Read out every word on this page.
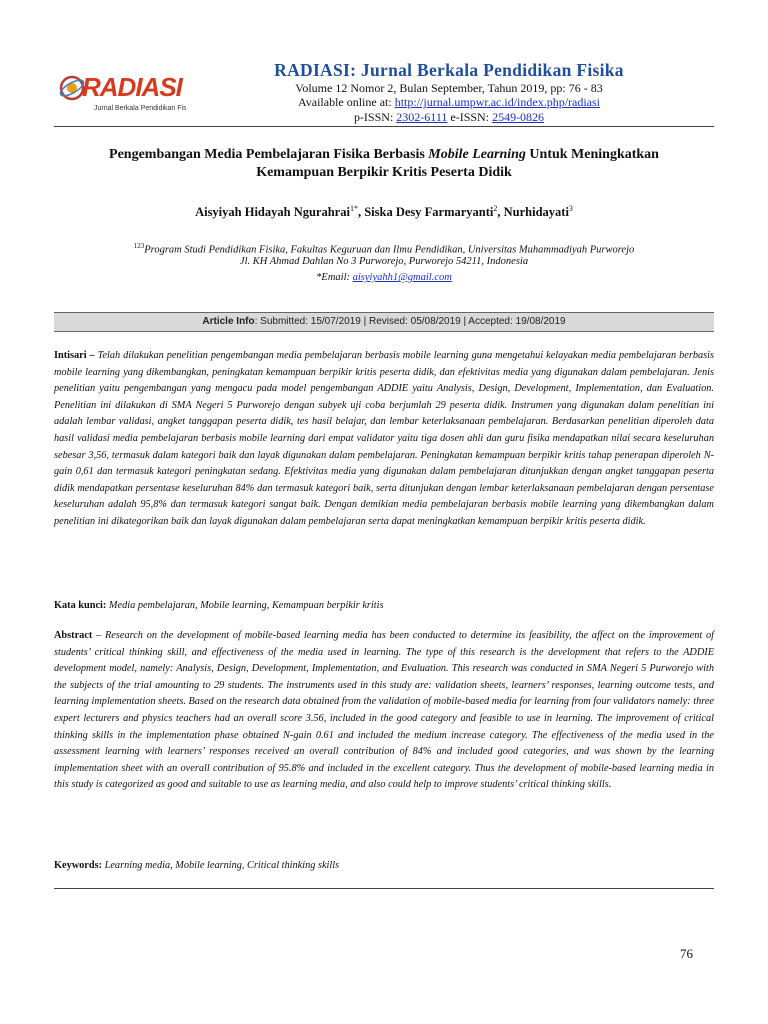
RADIASI
Jurnal Berkala Pendidikan Fisika
RADIASI: Jurnal Berkala Pendidikan Fisika
Volume 12 Nomor 2, Bulan September, Tahun 2019, pp: 76 - 83
Available online at: http://jurnal.umpwr.ac.id/index.php/radiasi
p-ISSN: 2302-6111 e-ISSN: 2549-0826
Pengembangan Media Pembelajaran Fisika Berbasis Mobile Learning Untuk Meningkatkan
Kemampuan Berpikir Kritis Peserta Didik
Aisyiyah Hidayah Ngurahrai$^{1*}$, Siska Desy Farmaryanti$^2$, Nurhidayati$^3$
$^{123}$Program Studi Pendidikan Fisika, Fakultas Keguruan dan Ilmu Pendidikan, Universitas Muhammadiyah Purworejo
Jl. KH Ahmad Dahlan No 3 Purworejo, Purworejo 54211, Indonesia
*Email: aisyiyahh1@gmail.com
Article Info: Submitted: 15/07/2019 | Revised: 05/08/2019 | Accepted: 19/08/2019
Intisari – Telah dilakukan penelitian pengembangan media pembelajaran berbasis mobile learning guna mengetahui kelayakan media pembelajaran berbasis mobile learning yang dikembangkan, peningkatan kemampuan berpikir kritis peserta didik, dan efektivitas media yang digunakan dalam pembelajaran. Jenis penelitian yaitu pengembangan yang mengacu pada model pengembangan ADDIE yaitu Analysis, Design, Development, Implementation, dan Evaluation. Penelitian ini dilakukan di SMA Negeri 5 Purworejo dengan subyek uji coba berjumlah 29 peserta didik. Instrumen yang digunakan dalam penelitian ini adalah lembar validasi, angket tanggapan peserta didik, tes hasil belajar, dan lembar keterlaksanaan pembelajaran. Berdasarkan penelitian diperoleh data hasil validasi media pembelajaran berbasis mobile learning dari empat validator yaitu tiga dosen ahli dan guru fisika mendapatkan nilai secara keseluruhan sebesar 3,56, termasuk dalam kategori baik dan layak digunakan dalam pembelajaran. Peningkatan kemampuan berpikir kritis tahap penerapan diperoleh N-gain 0,61 dan termasuk kategori peningkatan sedang. Efektivitas media yang digunakan dalam pembelajaran ditunjukkan dengan angket tanggapan peserta didik mendapatkan persentase keseluruhan 84% dan termasuk kategori baik, serta ditunjukan dengan lembar keterlaksanaan pembelajaran dengan persentase keseluruhan adalah 95,8% dan termasuk kategori sangat baik. Dengan demikian media pembelajaran berbasis mobile learning yang dikembangkan dalam penelitian ini dikategorikan baik dan layak digunakan dalam pembelajaran serta dapat meningkatkan kemampuan berpikir kritis peserta didik.
Kata kunci: Media pembelajaran, Mobile learning, Kemampuan berpikir kritis
Abstract – Research on the development of mobile-based learning media has been conducted to determine its feasibility, the affect on the improvement of students’ critical thinking skill, and effectiveness of the media used in learning. The type of this research is the development that refers to the ADDIE development model, namely: Analysis, Design, Development, Implementation, and Evaluation. This research was conducted in SMA Negeri 5 Purworejo with the subjects of the trial amounting to 29 students. The instruments used in this study are: validation sheets, learners’ responses, learning outcome tests, and learning implementation sheets. Based on the research data obtained from the validation of mobile-based media for learning from four validators namely: three expert lecturers and physics teachers had an overall score 3.56, included in the good category and feasible to use in learning. The improvement of critical thinking skills in the implementation phase obtained N-gain 0.61 and included the medium increase category. The effectiveness of the media used in the assessment learning with learners’ responses received an overall contribution of 84% and included good categories, and was shown by the learning implementation sheet with an overall contribution of 95.8% and included in the excellent category. Thus the development of mobile-based learning media in this study is categorized as good and suitable to use as learning media, and also could help to improve students’ critical thinking skills.
Keywords: Learning media, Mobile learning, Critical thinking skills
76
